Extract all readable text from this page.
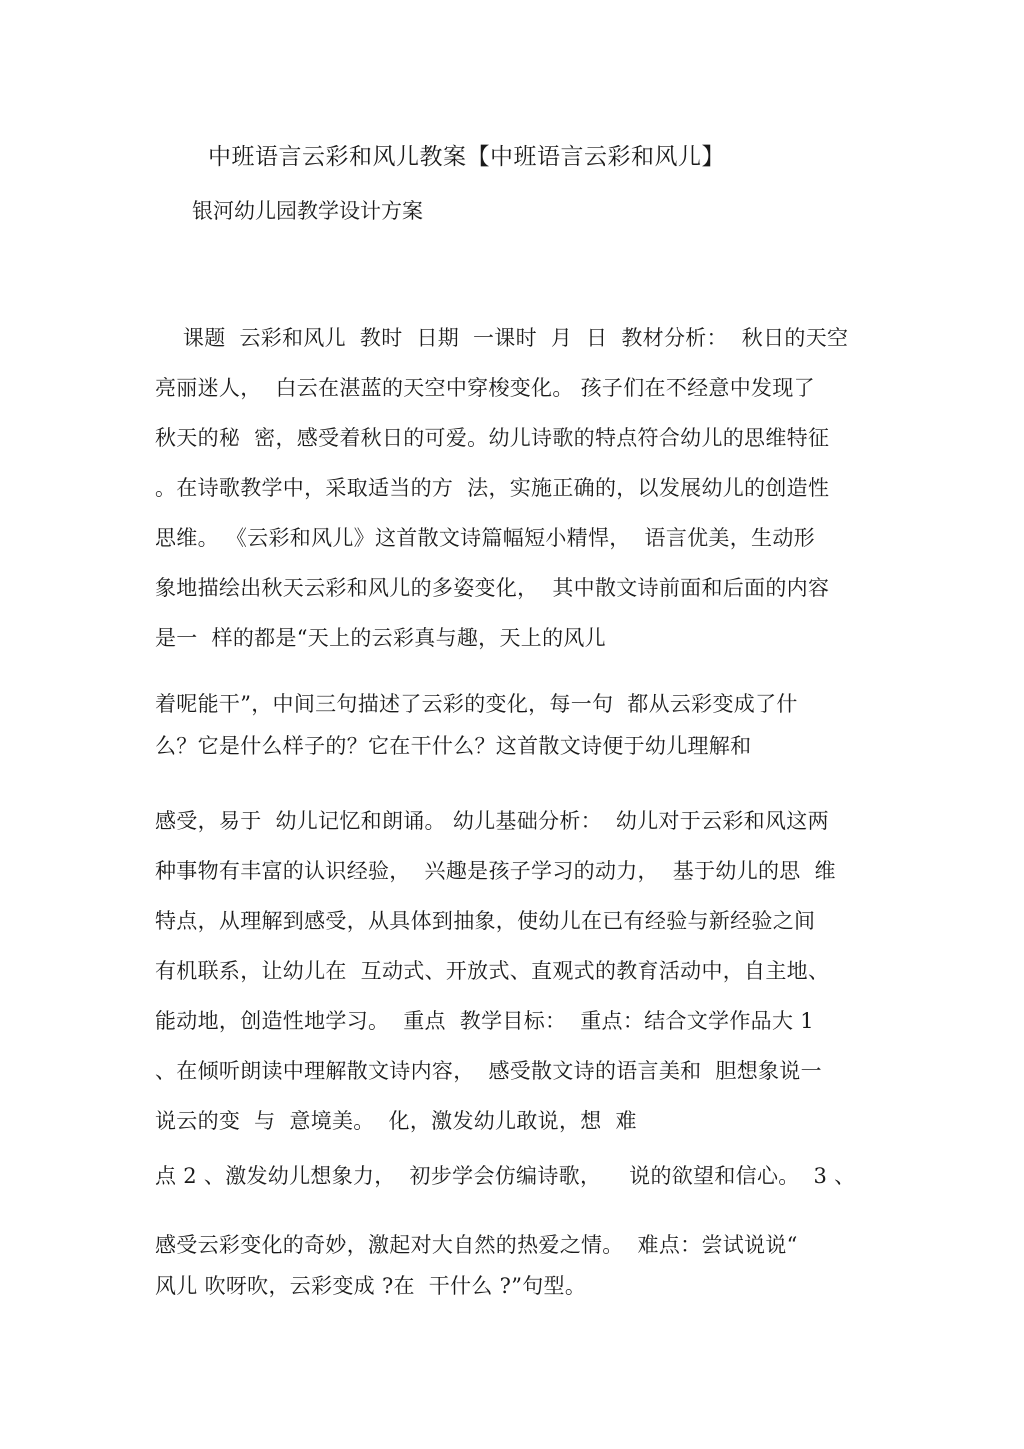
中班语言云彩和风儿教案【中班语言云彩和风儿】
银河幼儿园教学设计方案
课题  云彩和风儿  教时  日期  一课时  月  日  教材分析：  秋日的天空
亮丽迷人，  白云在湛蓝的天空中穿梭变化。 孩子们在不经意中发现了
秋天的秘  密，感受着秋日的可爱。幼儿诗歌的特点符合幼儿的思维特征
。在诗歌教学中，采取适当的方  法，实施正确的，以发展幼儿的创造性
思维。 《云彩和风儿》这首散文诗篇幅短小精悍，  语言优美，生动形
象地描绘出秋天云彩和风儿的多姿变化，  其中散文诗前面和后面的内容
是一  样的都是“天上的云彩真与趣，天上的风儿
着呢能干”，中间三句描述了云彩的变化，每一句  都从云彩变成了什
么？它是什么样子的？它在干什么？这首散文诗便于幼儿理解和
感受，易于  幼儿记忆和朗诵。 幼儿基础分析：  幼儿对于云彩和风这两
种事物有丰富的认识经验，  兴趣是孩子学习的动力，  基于幼儿的思  维
特点，从理解到感受，从具体到抽象，使幼儿在已有经验与新经验之间
有机联系，让幼儿在  互动式、开放式、直观式的教育活动中，自主地、
能动地，创造性地学习。  重点  教学目标：  重点：结合文学作品大 1
、在倾听朗读中理解散文诗内容，  感受散文诗的语言美和  胆想象说一
说云的变  与  意境美。  化，激发幼儿敢说，想  难
点 2 、激发幼儿想象力，  初步学会仿编诗歌，    说的欲望和信心。  3 、
感受云彩变化的奇妙，激起对大自然的热爱之情。  难点：尝试说说“
风儿 吹呀吹，云彩变成 ?在  干什么 ?”句型。
